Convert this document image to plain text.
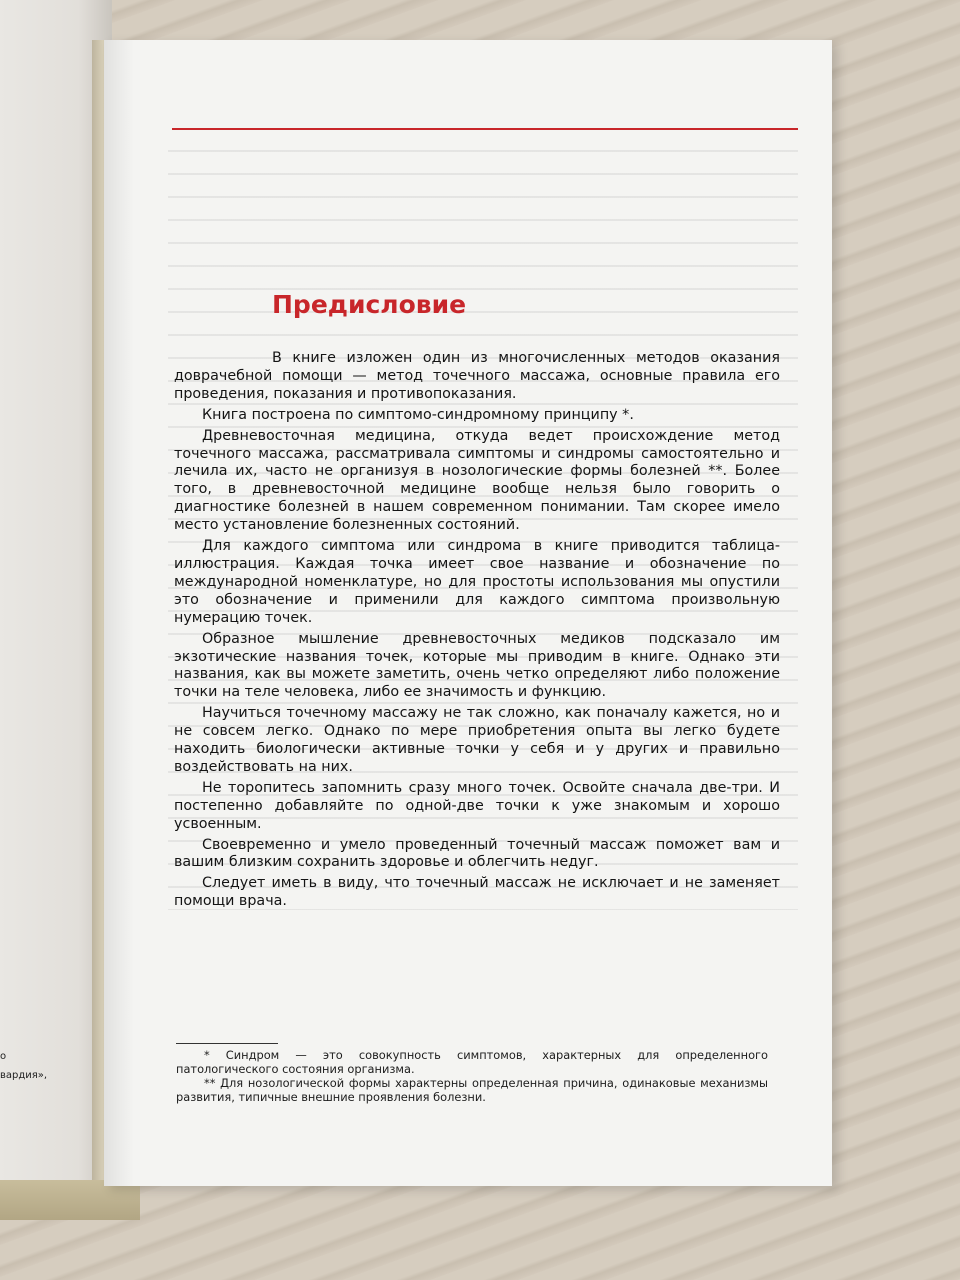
о
вардия»,
Предисловие

В книге изложен один из многочисленных методов оказания доврачебной помощи — метод точечного массажа, основные правила его проведения, показания и противопоказания.

Книга построена по симптомо-синдромному принципу *.

Древневосточная медицина, откуда ведет происхождение метод точечного массажа, рассматривала симптомы и синдромы самостоятельно и лечила их, часто не организуя в нозологические формы болезней **. Более того, в древневосточной медицине вообще нельзя было говорить о диагностике болезней в нашем современном понимании. Там скорее имело место установление болезненных состояний.

Для каждого симптома или синдрома в книге приводится таблица-иллюстрация. Каждая точка имеет свое название и обозначение по международной номенклатуре, но для простоты использования мы опустили это обозначение и применили для каждого симптома произвольную нумерацию точек.

Образное мышление древневосточных медиков подсказало им экзотические названия точек, которые мы приводим в книге. Однако эти названия, как вы можете заметить, очень четко определяют либо положение точки на теле человека, либо ее значимость и функцию.

Научиться точечному массажу не так сложно, как поначалу кажется, но и не совсем легко. Однако по мере приобретения опыта вы легко будете находить биологически активные точки у себя и у других и правильно воздействовать на них.

Не торопитесь запомнить сразу много точек. Освойте сначала две-три. И постепенно добавляйте по одной-две точки к уже знакомым и хорошо усвоенным.

Своевременно и умело проведенный точечный массаж поможет вам и вашим близким сохранить здоровье и облегчить недуг.

Следует иметь в виду, что точечный массаж не исключает и не заменяет помощи врача.

* Синдром — это совокупность симптомов, характерных для определенного патологического состояния организма.

** Для нозологической формы характерны определенная причина, одинаковые механизмы развития, типичные внешние проявления болезни.
